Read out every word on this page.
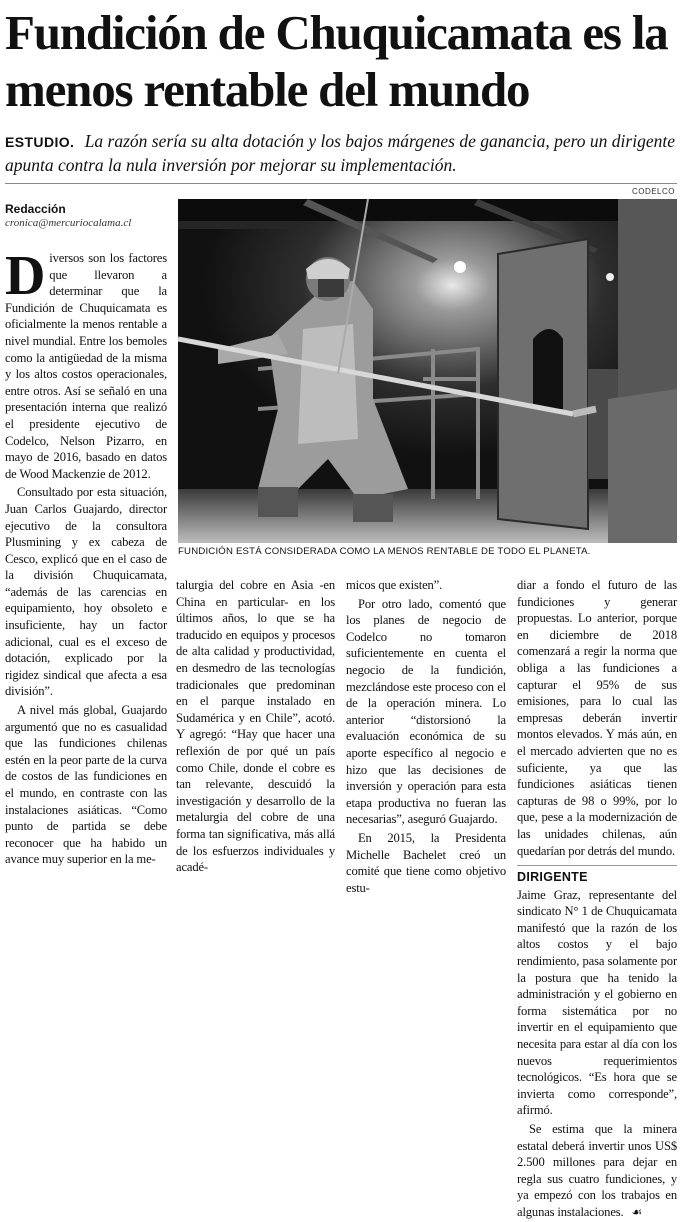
Fundición de Chuquicamata es la menos rentable del mundo
ESTUDIO. La razón sería su alta dotación y los bajos márgenes de ganancia, pero un dirigente apunta contra la nula inversión por mejorar su implementación.
CODELCO
Redacción
cronica@mercuriocalama.cl
FUNDICIÓN ESTÁ CONSIDERADA COMO LA MENOS RENTABLE DE TODO EL PLANETA.

Diversos son los factores que llevaron a determinar que la Fundición de Chuquicamata es oficialmente la menos rentable a nivel mundial. Entre los bemoles como la antigüedad de la misma y los altos costos operacionales, entre otros. Así se señaló en una presentación interna que realizó el presidente ejecutivo de Codelco, Nelson Pizarro, en mayo de 2016, basado en datos de Wood Mackenzie de 2012.

Consultado por esta situación, Juan Carlos Guajardo, director ejecutivo de la consultora Plusmining y ex cabeza de Cesco, explicó que en el caso de la división Chuquicamata, “además de las carencias en equipamiento, hoy obsoleto e insuficiente, hay un factor adicional, cual es el exceso de dotación, explicado por la rigidez sindical que afecta a esa división”.

A nivel más global, Guajardo argumentó que no es casualidad que las fundiciones chilenas estén en la peor parte de la curva de costos de las fundiciones en el mundo, en contraste con las instalaciones asiáticas. “Como punto de partida se debe reconocer que ha habido un avance muy superior en la me-

talurgia del cobre en Asia -en China en particular- en los últimos años, lo que se ha traducido en equipos y procesos de alta calidad y productividad, en desmedro de las tecnologías tradicionales que predominan en el parque instalado en Sudamérica y en Chile”, acotó. Y agregó: “Hay que hacer una reflexión de por qué un país como Chile, donde el cobre es tan relevante, descuidó la investigación y desarrollo de la metalurgia del cobre de una forma tan significativa, más allá de los esfuerzos individuales y acadé-

micos que existen”.

Por otro lado, comentó que los planes de negocio de Codelco no tomaron suficientemente en cuenta el negocio de la fundición, mezclándose este proceso con el de la operación minera. Lo anterior “distorsionó la evaluación económica de su aporte específico al negocio e hizo que las decisiones de inversión y operación para esta etapa productiva no fueran las necesarias”, aseguró Guajardo.

En 2015, la Presidenta Michelle Bachelet creó un comité que tiene como objetivo estu-

diar a fondo el futuro de las fundiciones y generar propuestas. Lo anterior, porque en diciembre de 2018 comenzará a regir la norma que obliga a las fundiciones a capturar el 95% de sus emisiones, para lo cual las empresas deberán invertir montos elevados. Y más aún, en el mercado advierten que no es suficiente, ya que las fundiciones asiáticas tienen capturas de 98 o 99%, por lo que, pese a la modernización de las unidades chilenas, aún quedarían por detrás del mundo.

DIRIGENTE

Jaime Graz, representante del sindicato N° 1 de Chuquicamata manifestó que la razón de los altos costos y el bajo rendimiento, pasa solamente por la postura que ha tenido la administración y el gobierno en forma sistemática por no invertir en el equipamiento que necesita para estar al día con los nuevos requerimientos tecnológicos. “Es hora que se invierta como corresponde”, afirmó.

Se estima que la minera estatal deberá invertir unos US$ 2.500 millones para dejar en regla sus cuatro fundiciones, y ya empezó con los trabajos en algunas instalaciones. ☙
